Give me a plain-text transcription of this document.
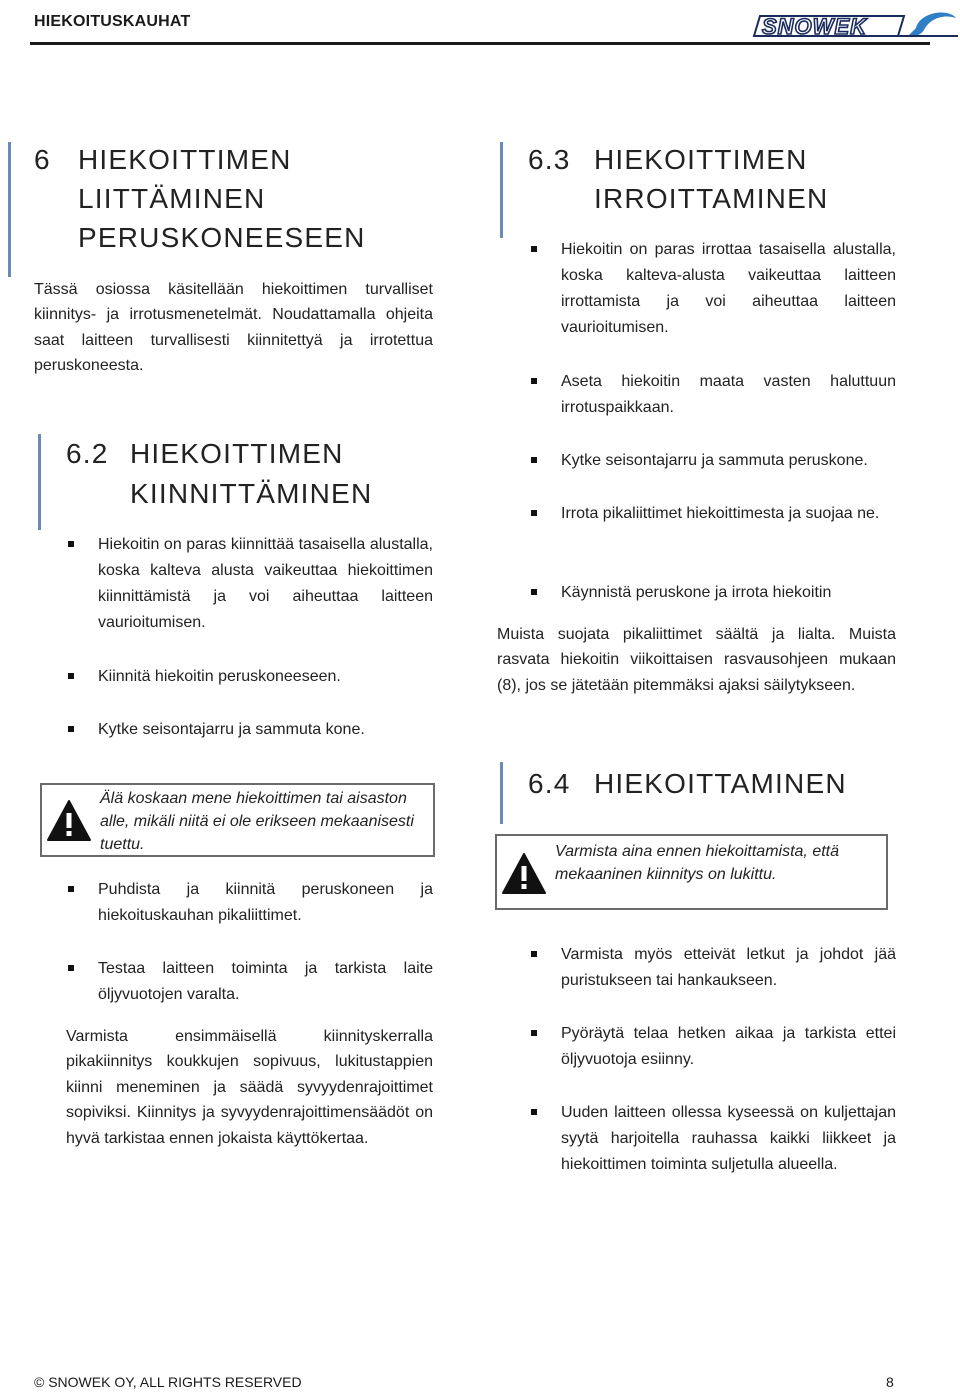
HIEKOITUSKAUHAT	SNOWEK
6 HIEKOITTIMEN
LIITTÄMINEN
PERUSKONEESEEN
Tässä osiossa käsitellään hiekoittimen turvalliset kiinnitys- ja irrotusmenetelmät. Noudattamalla ohjeita saat laitteen turvallisesti kiinnitettyä ja irrotettua peruskoneesta.
6.2 HIEKOITTIMEN
KIINNITTÄMINEN
Hiekoitin on paras kiinnittää tasaisella alustalla, koska kalteva alusta vaikeuttaa hiekoittimen kiinnittämistä ja voi aiheuttaa laitteen vaurioitumisen.
Kiinnitä hiekoitin peruskoneeseen.
Kytke seisontajarru ja sammuta kone.
Älä koskaan mene hiekoittimen tai aisaston alle, mikäli niitä ei ole erikseen mekaanisesti tuettu.
Puhdista ja kiinnitä peruskoneen ja hiekoituskauhan pikaliittimet.
Testaa laitteen toiminta ja tarkista laite öljyvuotojen varalta.
Varmista ensimmäisellä kiinnityskerralla pikakiinnitys koukkujen sopivuus, lukitustappien kiinni meneminen ja säädä syvyydenrajoittimet sopiviksi. Kiinnitys ja syvyydenrajoittimensäädöt on hyvä tarkistaa ennen jokaista käyttökertaa.
6.3 HIEKOITTIMEN
IRROITTAMINEN
Hiekoitin on paras irrottaa tasaisella alustalla, koska kalteva-alusta vaikeuttaa laitteen irrottamista ja voi aiheuttaa laitteen vaurioitumisen.
Aseta hiekoitin maata vasten haluttuun irrotuspaikkaan.
Kytke seisontajarru ja sammuta peruskone.
Irrota pikaliittimet hiekoittimesta ja suojaa ne.
Käynnistä peruskone ja irrota hiekoitin
Muista suojata pikaliittimet säältä ja lialta. Muista rasvata hiekoitin viikoittaisen rasvausohjeen mukaan (8), jos se jätetään pitemmäksi ajaksi säilytykseen.
6.4 HIEKOITTAMINEN
Varmista aina ennen hiekoittamista, että mekaaninen kiinnitys on lukittu.
Varmista myös etteivät letkut ja johdot jää puristukseen tai hankaukseen.
Pyöräytä telaa hetken aikaa ja tarkista ettei öljyvuotoja esiinny.
Uuden laitteen ollessa kyseessä on kuljettajan syytä harjoitella rauhassa kaikki liikkeet ja hiekoittimen toiminta suljetulla alueella.
© SNOWEK OY, ALL RIGHTS RESERVED	8
